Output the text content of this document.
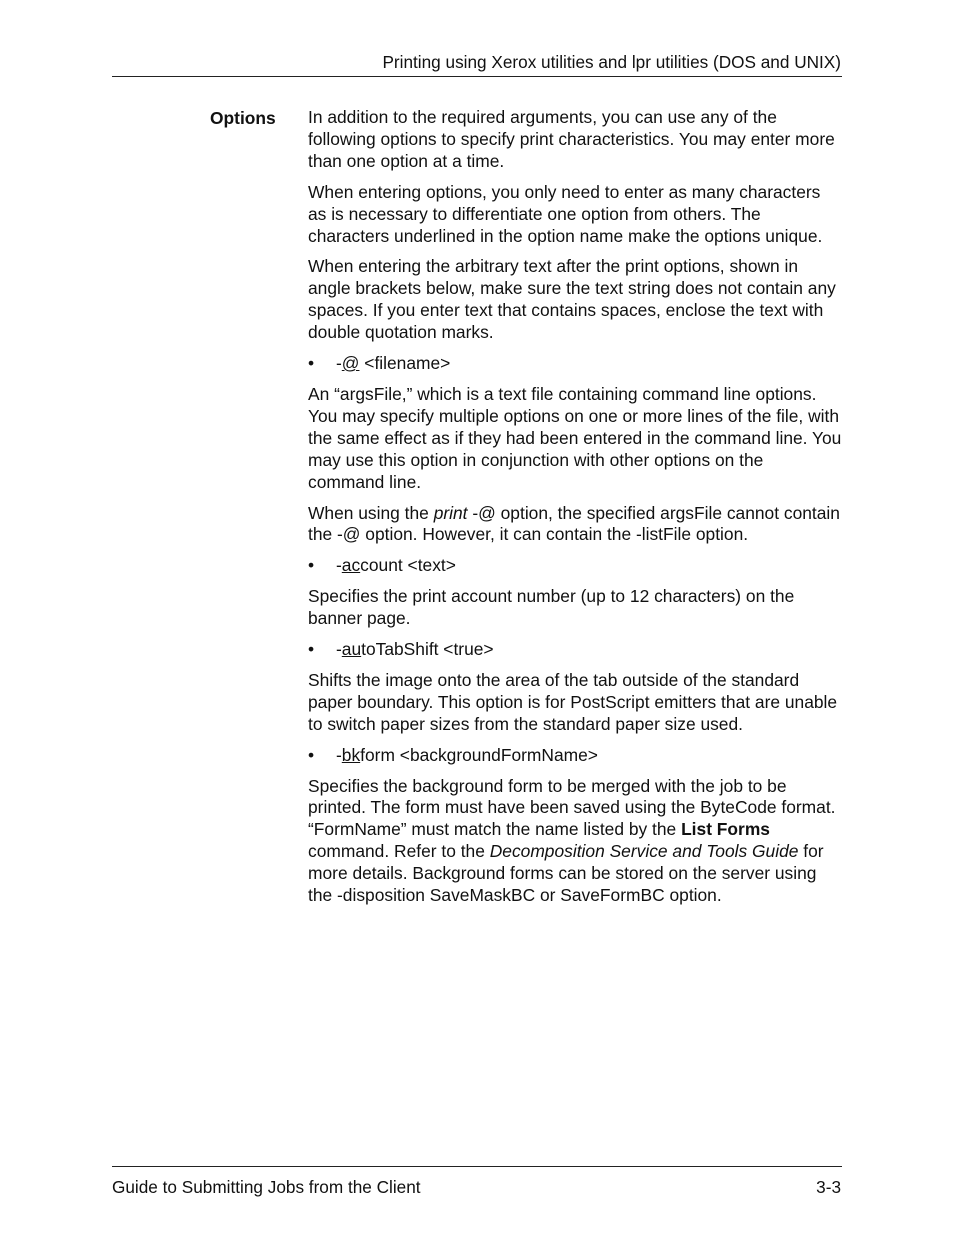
Printing using Xerox utilities and lpr utilities (DOS and UNIX)
Options In addition to the required arguments, you can use any of the following options to specify print characteristics. You may enter more than one option at a time.

When entering options, you only need to enter as many characters as is necessary to differentiate one option from others. The characters underlined in the option name make the options unique.

When entering the arbitrary text after the print options, shown in angle brackets below, make sure the text string does not contain any spaces. If you enter text that contains spaces, enclose the text with double quotation marks.

• -@ <filename>

An “argsFile,” which is a text file containing command line options. You may specify multiple options on one or more lines of the file, with the same effect as if they had been entered in the command line. You may use this option in conjunction with other options on the command line.

When using the print -@ option, the specified argsFile cannot contain the -@ option. However, it can contain the -listFile option.

• -account <text>

Specifies the print account number (up to 12 characters) on the banner page.

• -autoTabShift <true>

Shifts the image onto the area of the tab outside of the standard paper boundary. This option is for PostScript emitters that are unable to switch paper sizes from the standard paper size used.

• -bkform <backgroundFormName>

Specifies the background form to be merged with the job to be printed. The form must have been saved using the ByteCode format. “FormName” must match the name listed by the List Forms command. Refer to the Decomposition Service and Tools Guide for more details. Background forms can be stored on the server using the -disposition SaveMaskBC or SaveFormBC option.

Guide to Submitting Jobs from the Client	3-3
